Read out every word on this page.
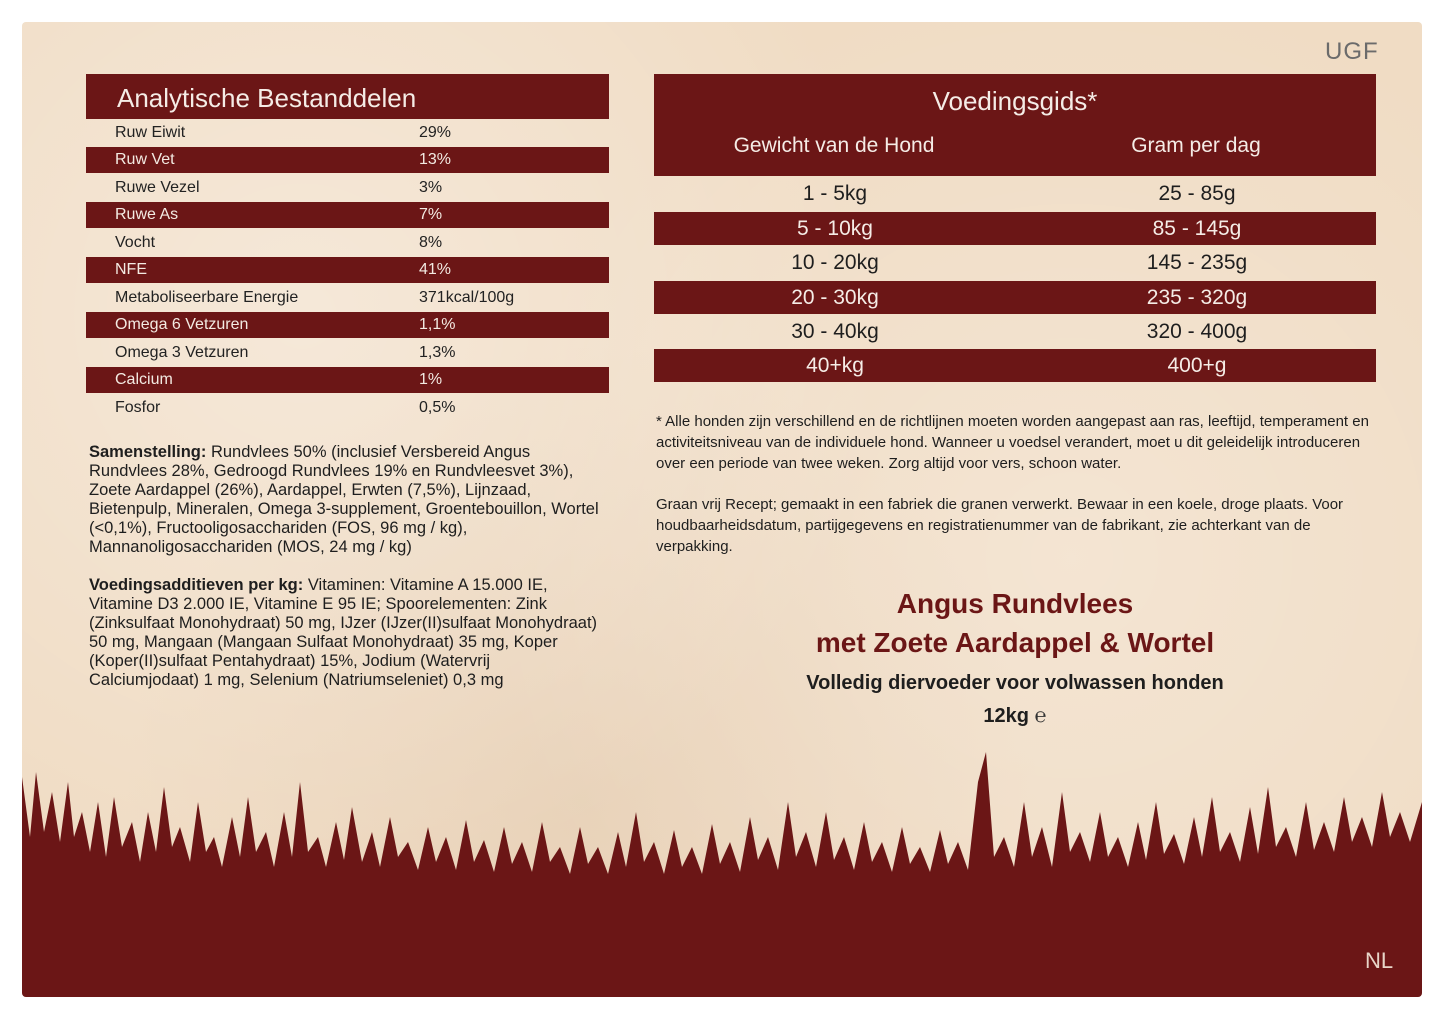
UGF
Analytische Bestanddelen
Ruw Eiwit	29%
Ruw Vet	13%
Ruwe Vezel	3%
Ruwe As	7%
Vocht	8%
NFE	41%
Metaboliseerbare Energie	371kcal/100g
Omega 6 Vetzuren	1,1%
Omega 3 Vetzuren	1,3%
Calcium	1%
Fosfor	0,5%
Samenstelling: Rundvlees 50% (inclusief Versbereid Angus Rundvlees 28%, Gedroogd Rundvlees 19% en Rundvleesvet 3%), Zoete Aardappel (26%), Aardappel, Erwten (7,5%), Lijnzaad, Bietenpulp, Mineralen, Omega 3-supplement, Groentebouillon, Wortel (<0,1%), Fructooligosacchariden (FOS, 96 mg / kg), Mannanoligosacchariden (MOS, 24 mg / kg)
Voedingsadditieven per kg: Vitaminen: Vitamine A 15.000 IE, Vitamine D3 2.000 IE, Vitamine E 95 IE; Spoorelementen: Zink (Zinksulfaat Monohydraat) 50 mg, IJzer (IJzer(II)sulfaat Monohydraat) 50 mg, Mangaan (Mangaan Sulfaat Monohydraat) 35 mg, Koper (Koper(II)sulfaat Pentahydraat) 15%, Jodium (Watervrij Calciumjodaat) 1 mg, Selenium (Natriumseleniet) 0,3 mg
Voedingsgids*
Gewicht van de Hond	Gram per dag
1 - 5kg	25 - 85g
5 - 10kg	85 - 145g
10 - 20kg	145 - 235g
20 - 30kg	235 - 320g
30 - 40kg	320 - 400g
40+kg	400+g
* Alle honden zijn verschillend en de richtlijnen moeten worden aangepast aan ras, leeftijd, temperament en activiteitsniveau van de individuele hond. Wanneer u voedsel verandert, moet u dit geleidelijk introduceren over een periode van twee weken. Zorg altijd voor vers, schoon water.
Graan vrij Recept; gemaakt in een fabriek die granen verwerkt. Bewaar in een koele, droge plaats. Voor houdbaarheidsdatum, partijgegevens en registratienummer van de fabrikant, zie achterkant van de verpakking.
Angus Rundvlees
met Zoete Aardappel & Wortel
Volledig diervoeder voor volwassen honden
12kg ℮
NL
